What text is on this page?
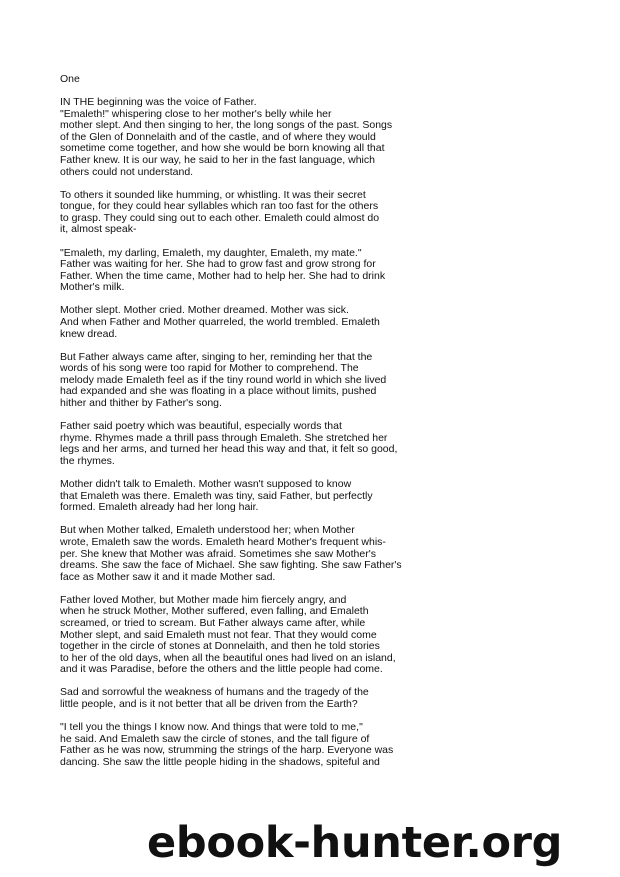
One

IN THE beginning was the voice of Father.
"Emaleth!" whispering close to her mother's belly while her
mother slept. And then singing to her, the long songs of the past. Songs
of the Glen of Donnelaith and of the castle, and of where they would
sometime come together, and how she would be born knowing all that
Father knew. It is our way, he said to her in the fast language, which
others could not understand.

To others it sounded like humming, or whistling. It was their secret
tongue, for they could hear syllables which ran too fast for the others
to grasp. They could sing out to each other. Emaleth could almost do
it, almost speak-

"Emaleth, my darling, Emaleth, my daughter, Emaleth, my mate."
Father was waiting for her. She had to grow fast and grow strong for
Father. When the time came, Mother had to help her. She had to drink
Mother's milk.

Mother slept. Mother cried. Mother dreamed. Mother was sick.
And when Father and Mother quarreled, the world trembled. Emaleth
knew dread.

But Father always came after, singing to her, reminding her that the
words of his song were too rapid for Mother to comprehend. The
melody made Emaleth feel as if the tiny round world in which she lived
had expanded and she was floating in a place without limits, pushed
hither and thither by Father's song.

Father said poetry which was beautiful, especially words that
rhyme. Rhymes made a thrill pass through Emaleth. She stretched her
legs and her arms, and turned her head this way and that, it felt so good,
the rhymes.

Mother didn't talk to Emaleth. Mother wasn't supposed to know
that Emaleth was there. Emaleth was tiny, said Father, but perfectly
formed. Emaleth already had her long hair.

But when Mother talked, Emaleth understood her; when Mother
wrote, Emaleth saw the words. Emaleth heard Mother's frequent whis-
per. She knew that Mother was afraid. Sometimes she saw Mother's
dreams. She saw the face of Michael. She saw fighting. She saw Father's
face as Mother saw it and it made Mother sad.

Father loved Mother, but Mother made him fiercely angry, and
when he struck Mother, Mother suffered, even falling, and Emaleth
screamed, or tried to scream. But Father always came after, while
Mother slept, and said Emaleth must not fear. That they would come
together in the circle of stones at Donnelaith, and then he told stories
to her of the old days, when all the beautiful ones had lived on an island,
and it was Paradise, before the others and the little people had come.

Sad and sorrowful the weakness of humans and the tragedy of the
little people, and is it not better that all be driven from the Earth?

"I tell you the things I know now. And things that were told to me,"
he said. And Emaleth saw the circle of stones, and the tall figure of
Father as he was now, strumming the strings of the harp. Everyone was
dancing. She saw the little people hiding in the shadows, spiteful and

ebook-hunter.org
